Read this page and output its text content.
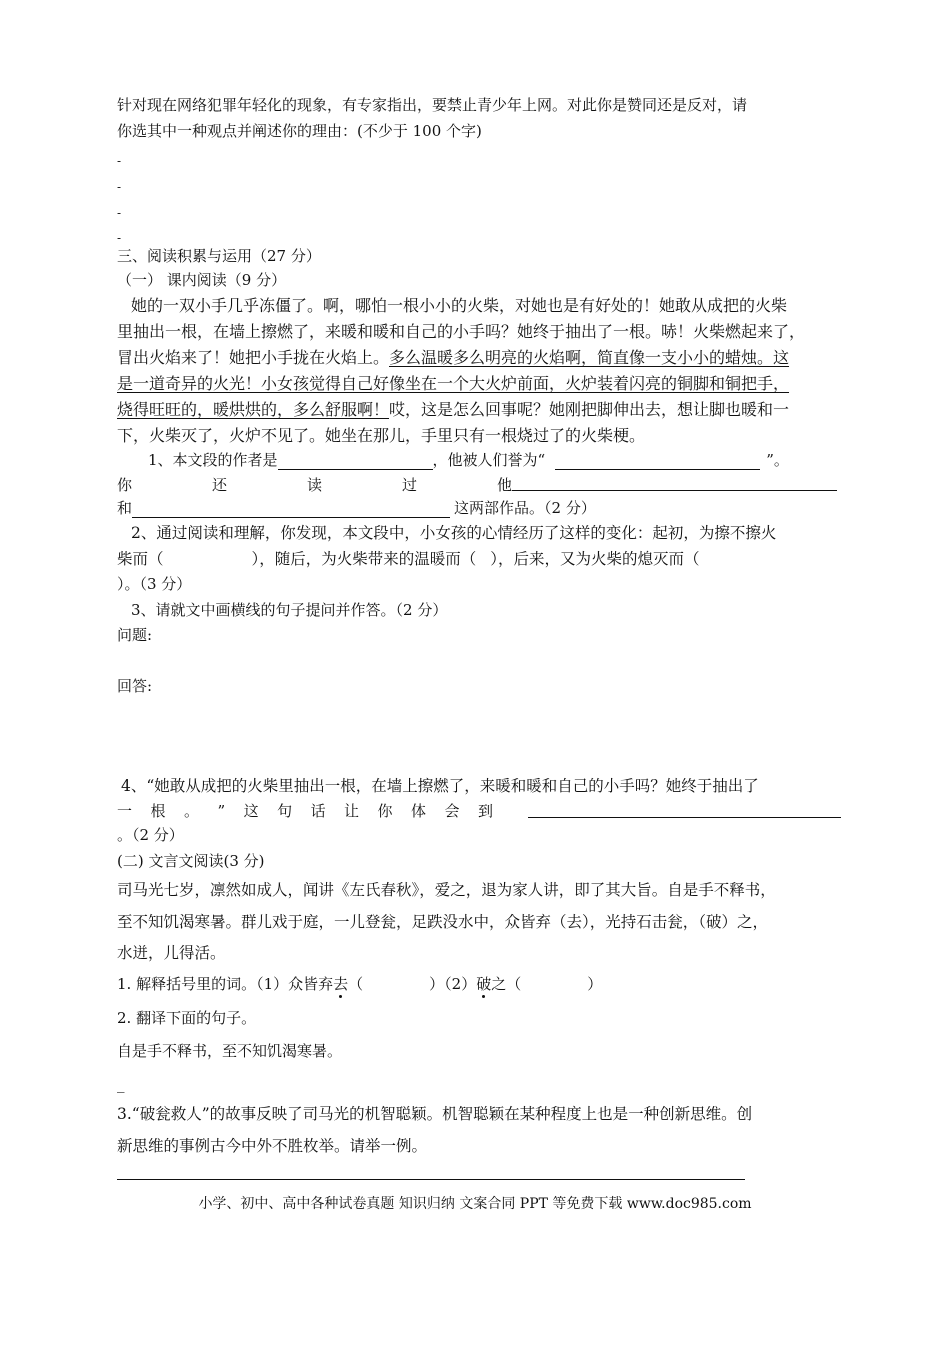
针对现在网络犯罪年轻化的现象，有专家指出，要禁止青少年上网。对此你是赞同还是反对，请
你选其中一种观点并阐述你的理由：(不少于 100 个字)
-
-
-
-
三、阅读积累与运用（27 分）
（一） 课内阅读（9 分）
她的一双小手几乎冻僵了。啊，哪怕一根小小的火柴，对她也是有好处的！她敢从成把的火柴
里抽出一根，在墙上擦燃了，来暖和暖和自己的小手吗？她终于抽出了一根。哧！火柴燃起来了，
冒出火焰来了！她把小手拢在火焰上。多么温暖多么明亮的火焰啊，简直像一支小小的蜡烛。这
是一道奇异的火光！小女孩觉得自己好像坐在一个大火炉前面，火炉装着闪亮的铜脚和铜把手，
烧得旺旺的，暖烘烘的，多么舒服啊！哎，这是怎么回事呢？她刚把脚伸出去，想让脚也暖和一
下，火柴灭了，火炉不见了。她坐在那儿，手里只有一根烧过了的火柴梗。
1、本文段的作者是	，他被人们誉为“	”。
你	还	读	过	他
和	这两部作品。（2 分）
2、通过阅读和理解，你发现，本文段中，小女孩的心情经历了这样的变化：起初，为擦不擦火
柴而（	），随后，为火柴带来的温暖而（ ），后来，又为火柴的熄灭而（
）。（3 分）
3、请就文中画横线的句子提问并作答。（2 分）
问题:
回答:
4、“她敢从成把的火柴里抽出一根，在墙上擦燃了，来暖和暖和自己的小手吗？她终于抽出了
一 根 。 ” 这 句 话 让 你 体 会 到
。（2 分）
(二) 文言文阅读(3 分)
司马光七岁，凛然如成人，闻讲《左氏春秋》，爱之，退为家人讲，即了其大旨。自是手不释书，
至不知饥渴寒暑。群儿戏于庭，一儿登瓮，足跌没水中，众皆弃（去），光持石击瓮，（破）之，
水迸，儿得活。
1. 解释括号里的词。（1）众皆弃去（	）（2）破之（	）
2. 翻译下面的句子。
自是手不释书，至不知饥渴寒暑。
_
3.“破瓮救人”的故事反映了司马光的机智聪颖。机智聪颖在某种程度上也是一种创新思维。创
新思维的事例古今中外不胜枚举。请举一例。
小学、初中、高中各种试卷真题 知识归纳 文案合同 PPT 等免费下载 www.doc985.com
